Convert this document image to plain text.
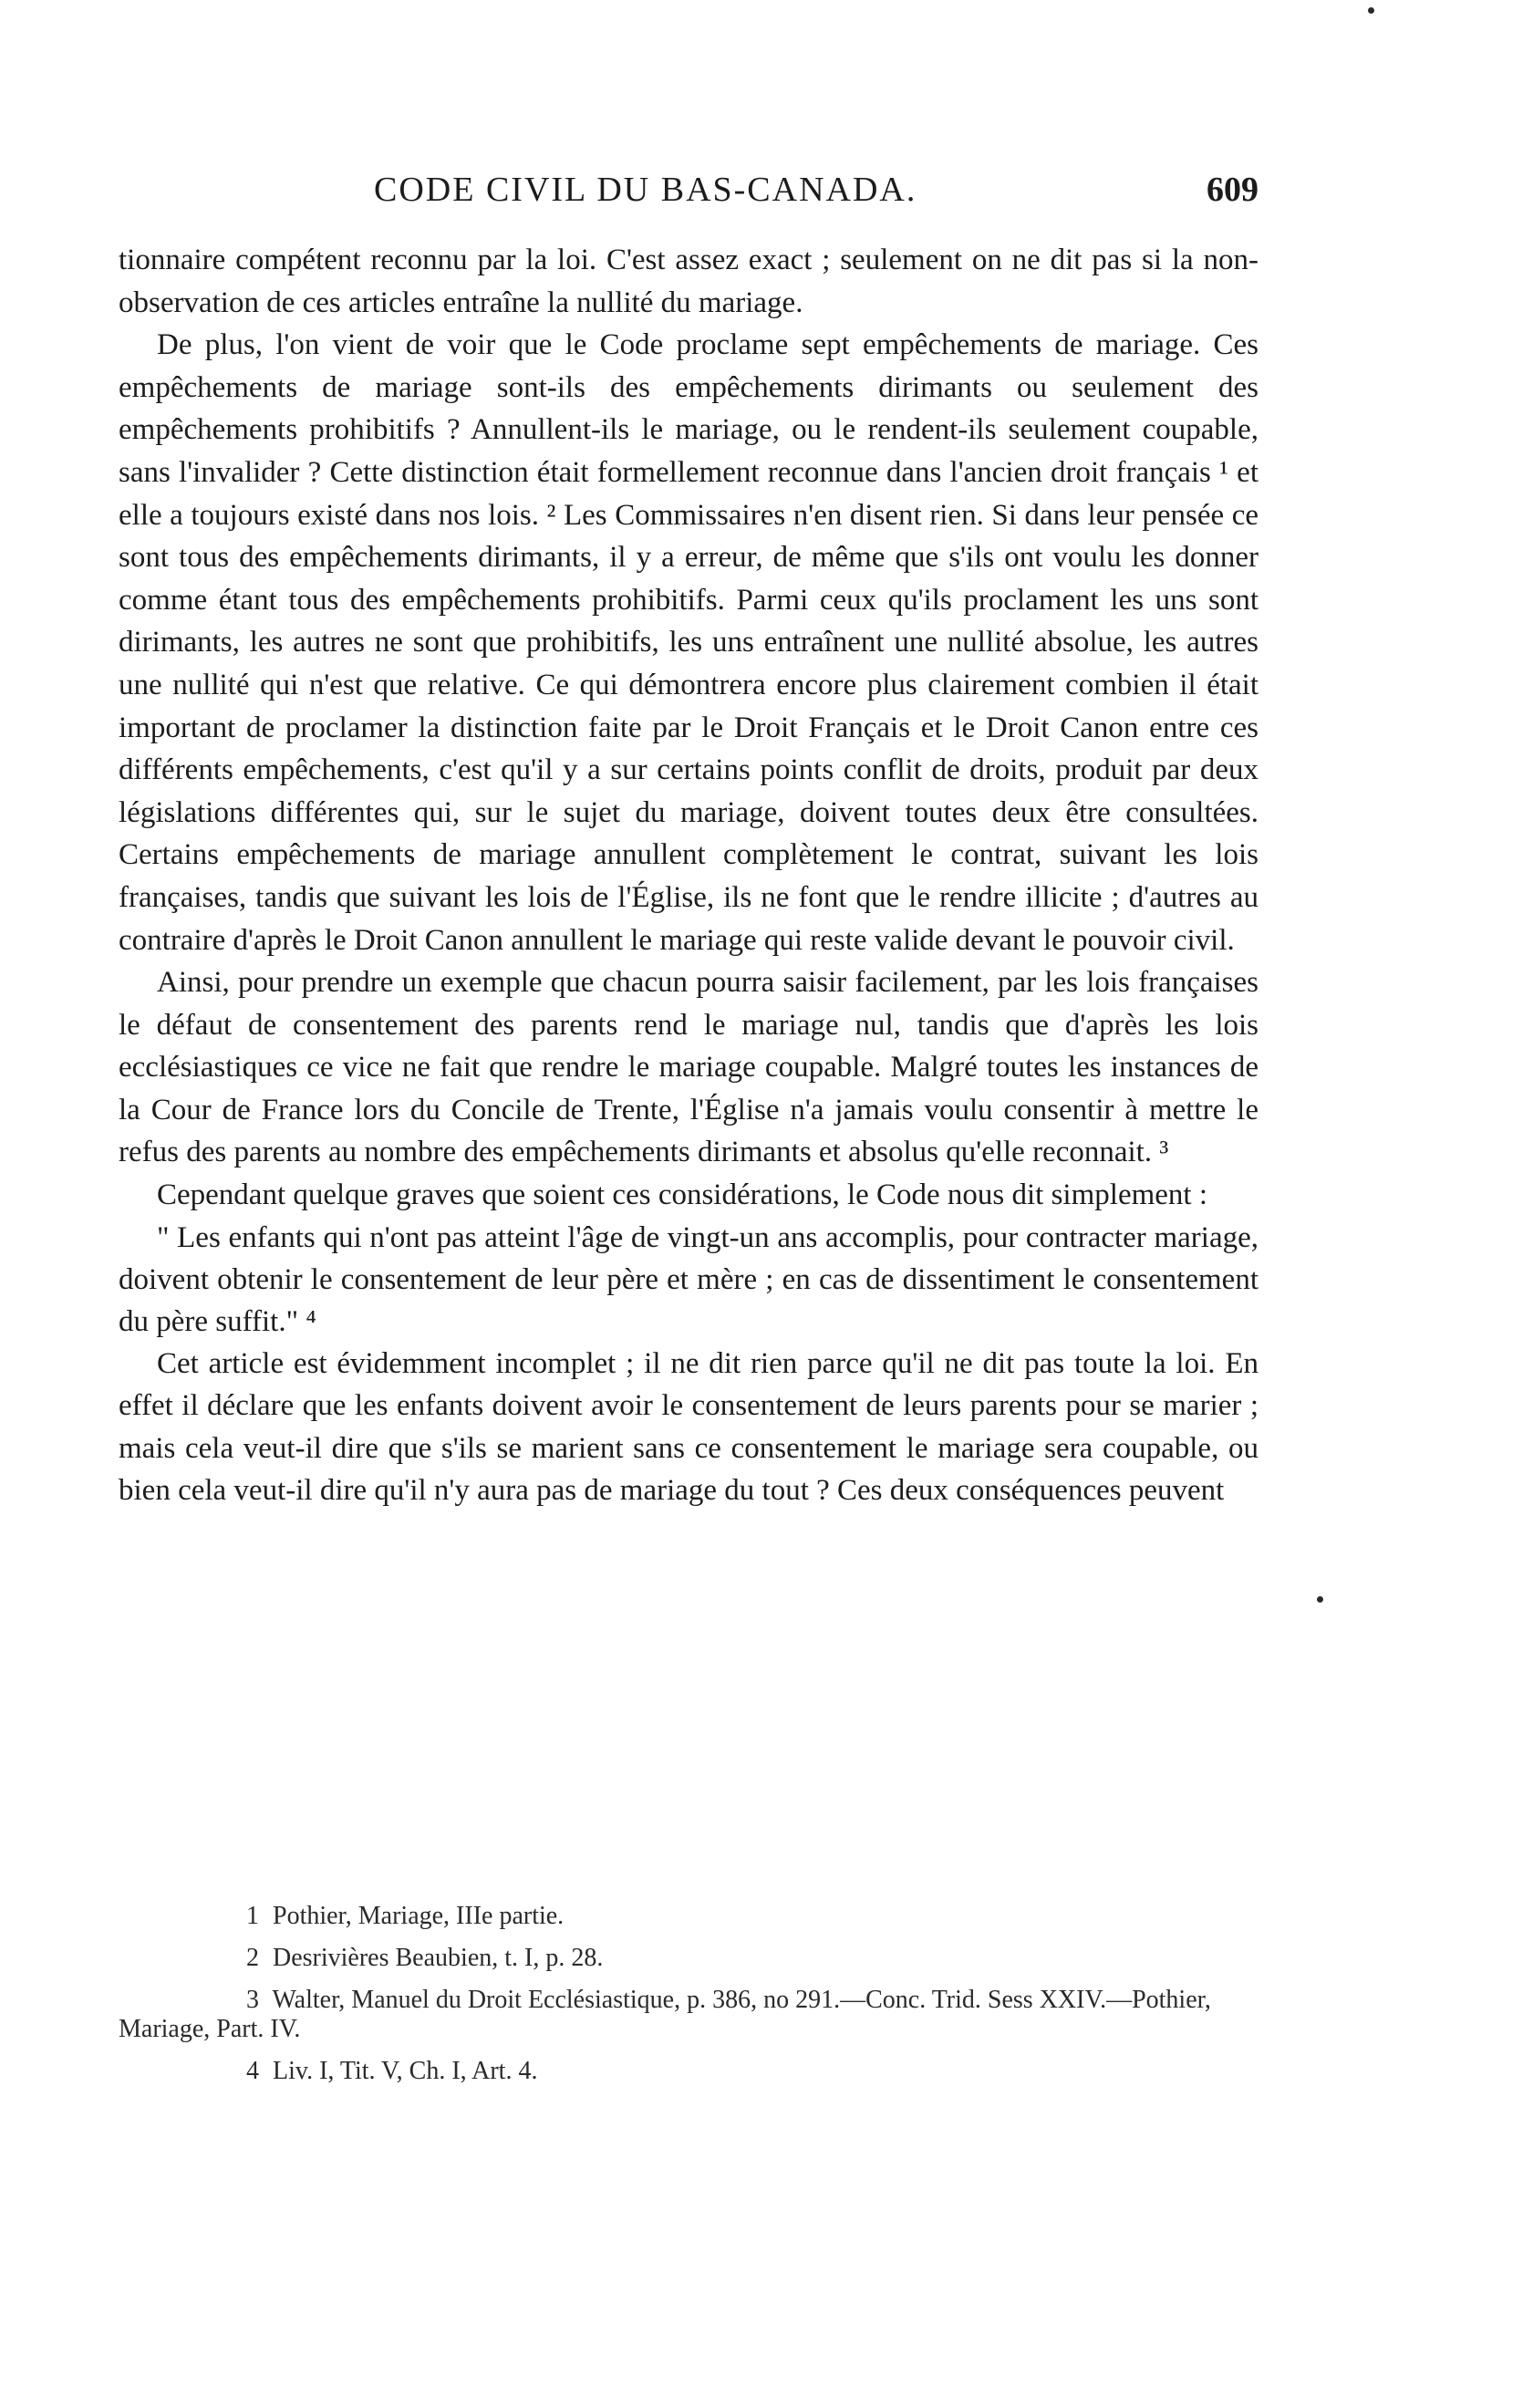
CODE CIVIL DU BAS-CANADA.	609

tionnaire compétent reconnu par la loi. C'est assez exact ; seulement on ne dit pas si la non-observation de ces articles entraîne la nullité du mariage.

De plus, l'on vient de voir que le Code proclame sept empêchements de mariage. Ces empêchements de mariage sont-ils des empêchements dirimants ou seulement des empêchements prohibitifs ? Annullent-ils le mariage, ou le rendent-ils seulement coupable, sans l'invalider ? Cette distinction était formellement reconnue dans l'ancien droit français ¹ et elle a toujours existé dans nos lois. ² Les Commissaires n'en disent rien. Si dans leur pensée ce sont tous des empêchements dirimants, il y a erreur, de même que s'ils ont voulu les donner comme étant tous des empêchements prohibitifs. Parmi ceux qu'ils proclament les uns sont dirimants, les autres ne sont que prohibitifs, les uns entraînent une nullité absolue, les autres une nullité qui n'est que relative. Ce qui démontrera encore plus clairement combien il était important de proclamer la distinction faite par le Droit Français et le Droit Canon entre ces différents empêchements, c'est qu'il y a sur certains points conflit de droits, produit par deux législations différentes qui, sur le sujet du mariage, doivent toutes deux être consultées. Certains empêchements de mariage annullent complètement le contrat, suivant les lois françaises, tandis que suivant les lois de l'Église, ils ne font que le rendre illicite ; d'autres au contraire d'après le Droit Canon annullent le mariage qui reste valide devant le pouvoir civil.

Ainsi, pour prendre un exemple que chacun pourra saisir facilement, par les lois françaises le défaut de consentement des parents rend le mariage nul, tandis que d'après les lois ecclésiastiques ce vice ne fait que rendre le mariage coupable. Malgré toutes les instances de la Cour de France lors du Concile de Trente, l'Église n'a jamais voulu consentir à mettre le refus des parents au nombre des empêchements dirimants et absolus qu'elle reconnait. ³

Cependant quelque graves que soient ces considérations, le Code nous dit simplement :

" Les enfants qui n'ont pas atteint l'âge de vingt-un ans accomplis, pour contracter mariage, doivent obtenir le consentement de leur père et mère ; en cas de dissentiment le consentement du père suffit." ⁴

Cet article est évidemment incomplet ; il ne dit rien parce qu'il ne dit pas toute la loi. En effet il déclare que les enfants doivent avoir le consentement de leurs parents pour se marier ; mais cela veut-il dire que s'ils se marient sans ce consentement le mariage sera coupable, ou bien cela veut-il dire qu'il n'y aura pas de mariage du tout ? Ces deux conséquences peuvent

1 Pothier, Mariage, IIIe partie.
2 Desrivières Beaubien, t. I, p. 28.
3 Walter, Manuel du Droit Ecclésiastique, p. 386, no 291.—Conc. Trid. Sess XXIV.—Pothier, Mariage, Part. IV.
4 Liv. I, Tit. V, Ch. I, Art. 4.
